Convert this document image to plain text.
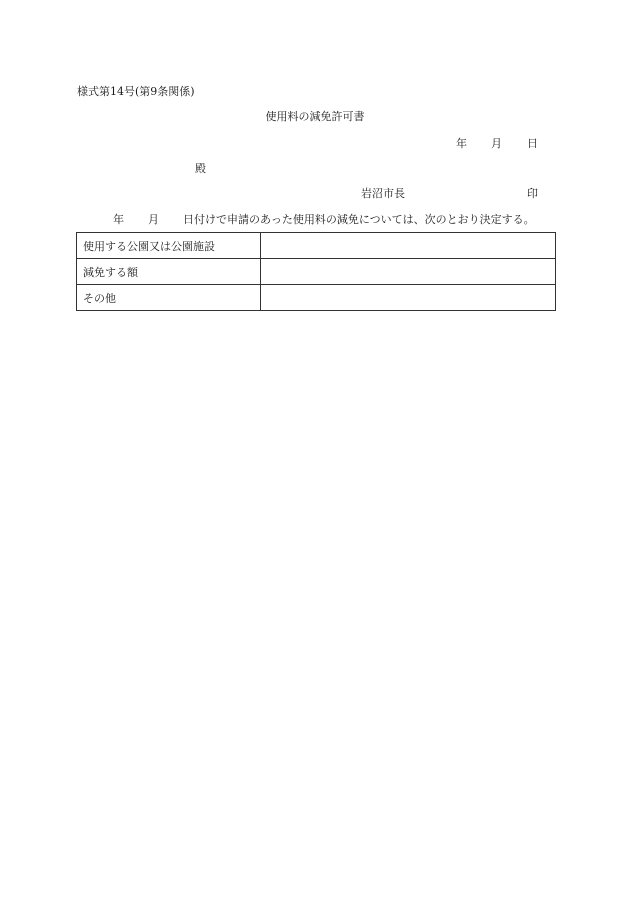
様式第14号(第9条関係)
使用料の減免許可書
年 月 日
殿
岩沼市長	印
年 月 日付けで申請のあった使用料の減免については、次のとおり決定する。
使用する公園又は公園施設	
減免する額	
その他	
